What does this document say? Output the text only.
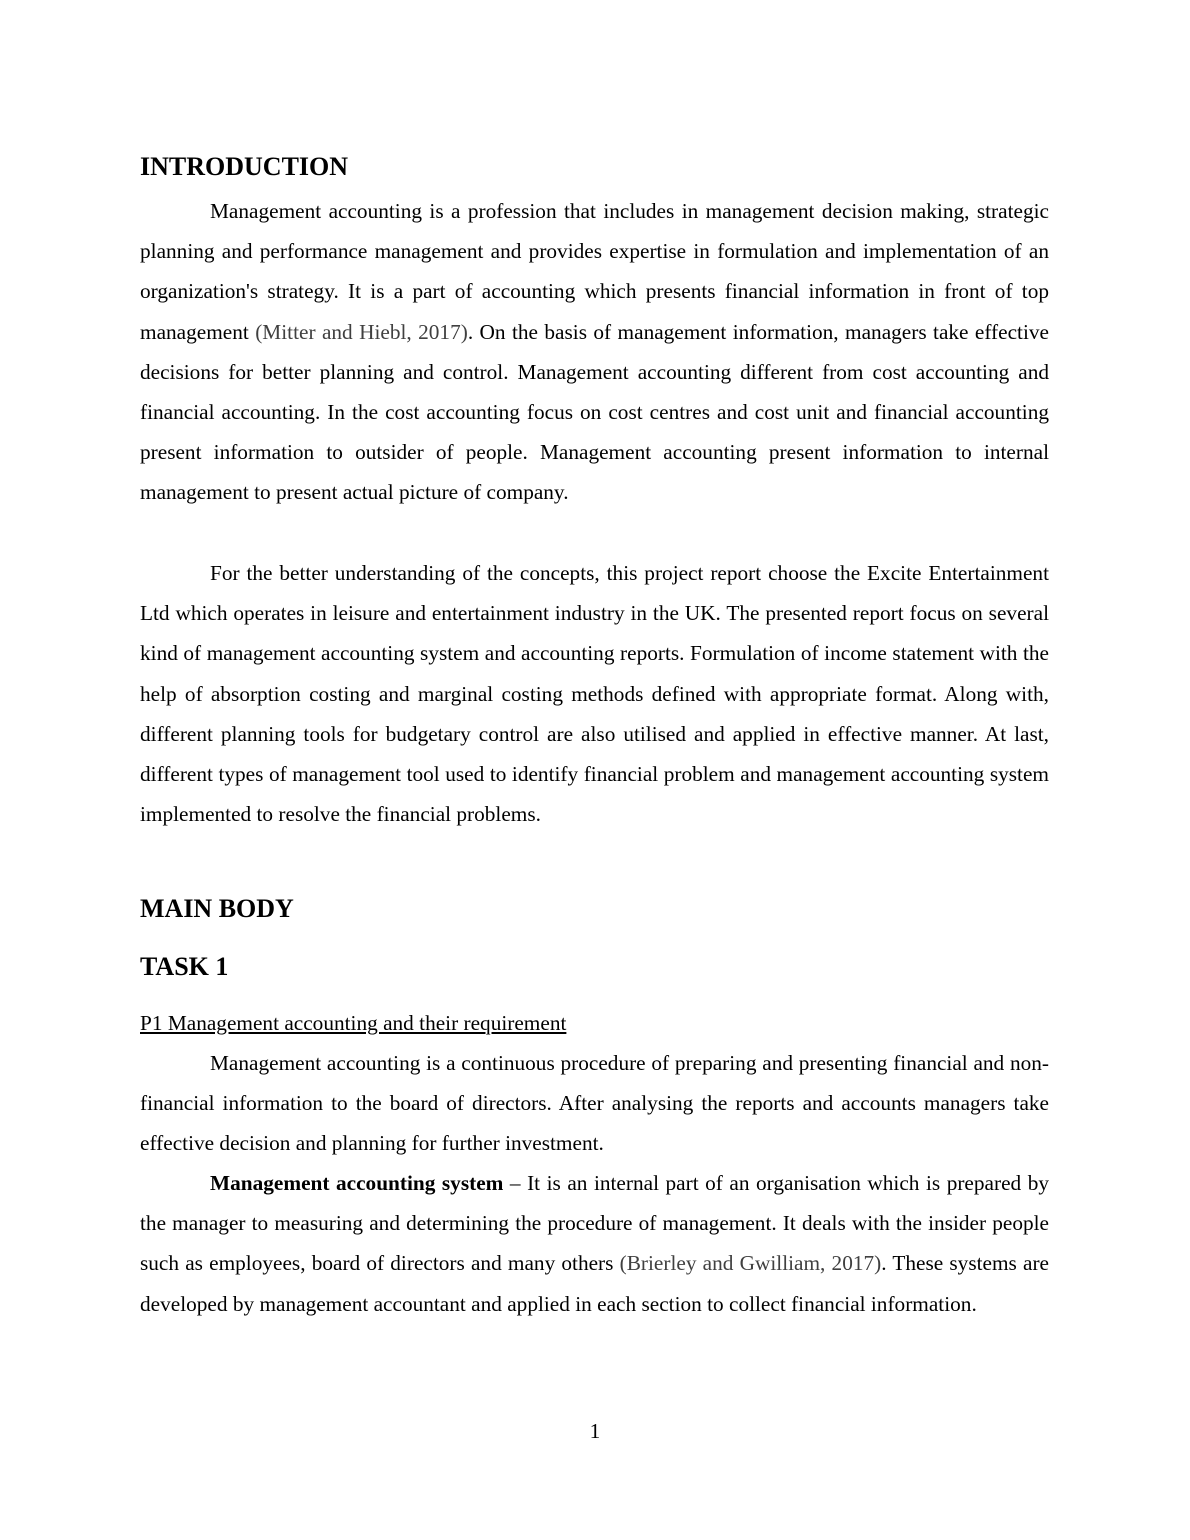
INTRODUCTION

Management accounting is a profession that includes in management decision making, strategic planning and performance management and provides expertise in formulation and implementation of an organization's strategy. It is a part of accounting which presents financial information in front of top management (Mitter and Hiebl, 2017). On the basis of management information, managers take effective decisions for better planning and control. Management accounting different from cost accounting and financial accounting. In the cost accounting focus on cost centres and cost unit and financial accounting present information to outsider of people. Management accounting present information to internal management to present actual picture of company.

For the better understanding of the concepts, this project report choose the Excite Entertainment Ltd which operates in leisure and entertainment industry in the UK. The presented report focus on several kind of management accounting system and accounting reports. Formulation of income statement with the help of absorption costing and marginal costing methods defined with appropriate format. Along with, different planning tools for budgetary control are also utilised and applied in effective manner. At last, different types of management tool used to identify financial problem and management accounting system implemented to resolve the financial problems.

MAIN BODY
TASK 1

P1 Management accounting and their requirement

Management accounting is a continuous procedure of preparing and presenting financial and non-financial information to the board of directors. After analysing the reports and accounts managers take effective decision and planning for further investment.

Management accounting system – It is an internal part of an organisation which is prepared by the manager to measuring and determining the procedure of management. It deals with the insider people such as employees, board of directors and many others (Brierley and Gwilliam, 2017). These systems are developed by management accountant and applied in each section to collect financial information.

1
